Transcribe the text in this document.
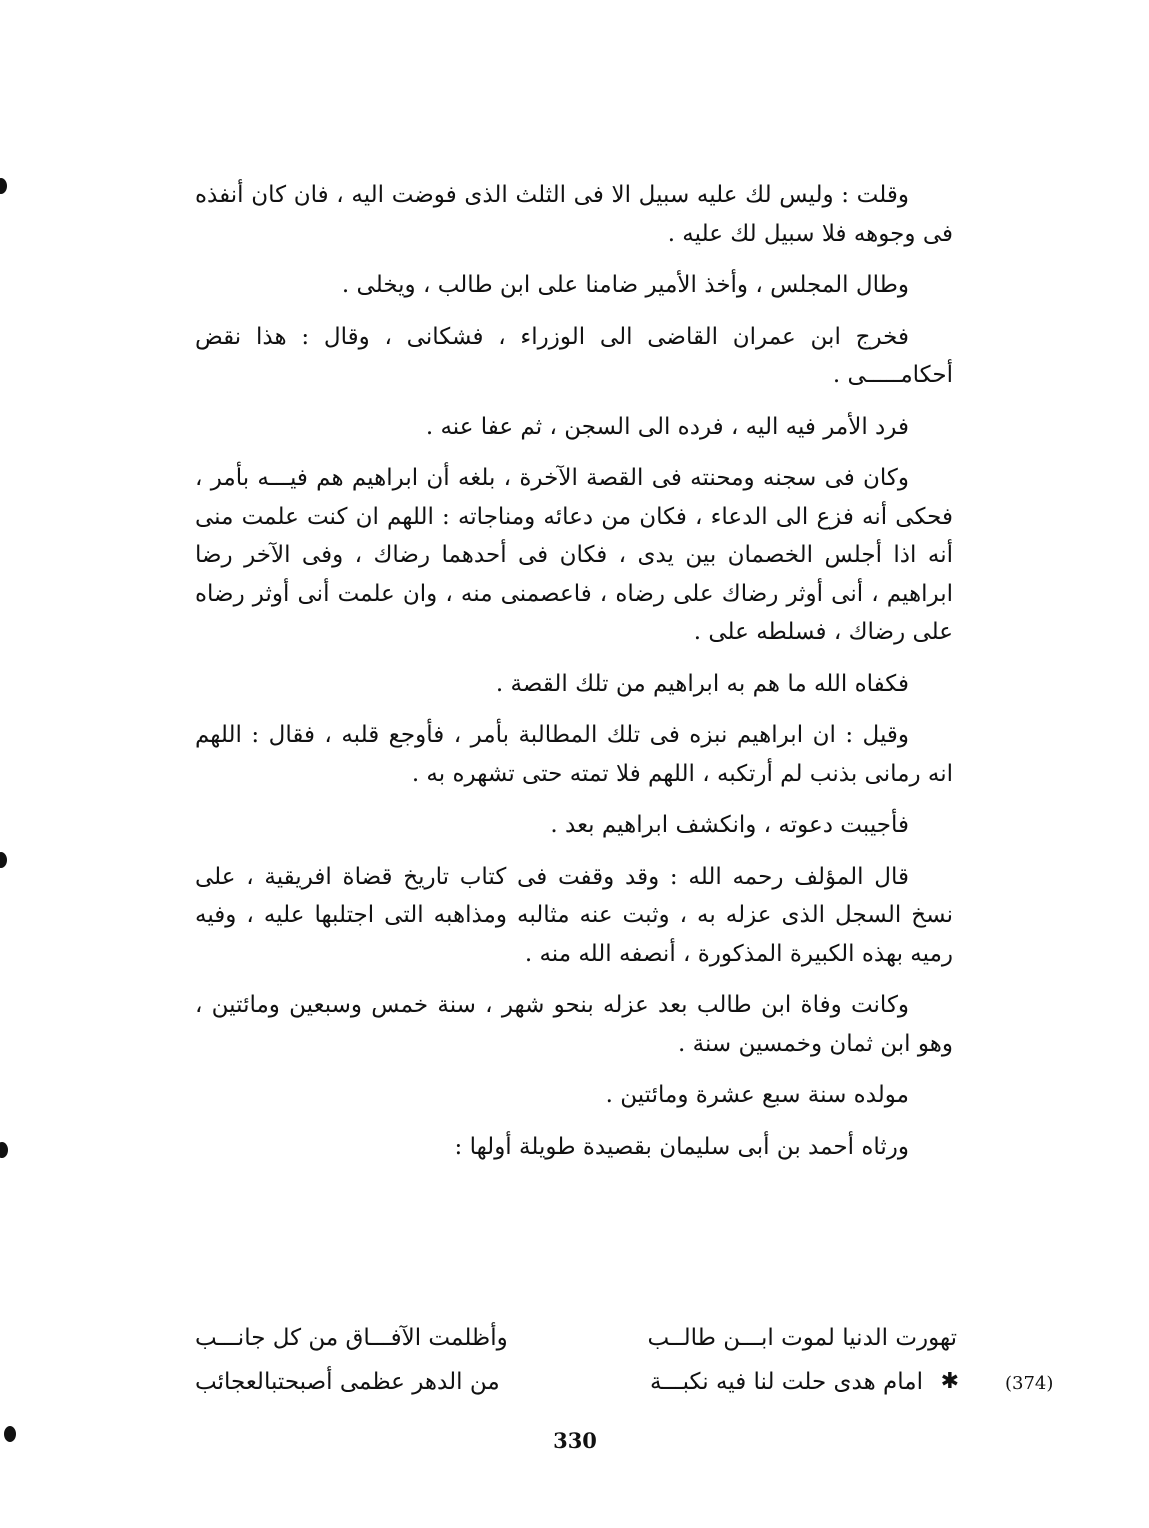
وقلت : وليس لك عليه سبيل الا فى الثلث الذى فوضت اليه ، فان كان أنفذه فى وجوهه فلا سبيل لك عليه .

وطال المجلس ، وأخذ الأمير ضامنا على ابن طالب ، ويخلى .

فخرج ابن عمران القاضى الى الوزراء ، فشكانى ، وقال : هذا نقض أحكامـــــى .

فرد الأمر فيه اليه ، فرده الى السجن ، ثم عفا عنه .

وكان فى سجنه ومحنته فى القصة الآخرة ، بلغه أن ابراهيم هم فيـــه بأمر ، فحكى أنه فزع الى الدعاء ، فكان من دعائه ومناجاته : اللهم ان كنت علمت منى أنه اذا أجلس الخصمان بين يدى ، فكان فى أحدهما رضاك ، وفى الآخر رضا ابراهيم ، أنى أوثر رضاك على رضاه ، فاعصمنى منه ، وان علمت أنى أوثر رضاه على رضاك ، فسلطه على .

فكفاه الله ما هم به ابراهيم من تلك القصة .

وقيل : ان ابراهيم نبزه فى تلك المطالبة بأمر ، فأوجع قلبه ، فقال : اللهم انه رمانى بذنب لم أرتكبه ، اللهم فلا تمته حتى تشهره به .

فأجيبت دعوته ، وانكشف ابراهيم بعد .

قال المؤلف رحمه الله : وقد وقفت فى كتاب تاريخ قضاة افريقية ، على نسخ السجل الذى عزله به ، وثبت عنه مثالبه ومذاهبه التى اجتلبها عليه ، وفيه رميه بهذه الكبيرة المذكورة ، أنصفه الله منه .

وكانت وفاة ابن طالب بعد عزله بنحو شهر ، سنة خمس وسبعين ومائتين ، وهو ابن ثمان وخمسين سنة .

مولده سنة سبع عشرة ومائتين .

ورثاه أحمد بن أبى سليمان بقصيدة طويلة أولها :

تهورت الدنيا لموت ابـــن طالــب
وأظلمت الآفـــاق من كل جانـــب
✱
امام هدى حلت لنا فيه نكبـــة
من الدهر عظمى أصبحتبالعجائب	(374)
330
